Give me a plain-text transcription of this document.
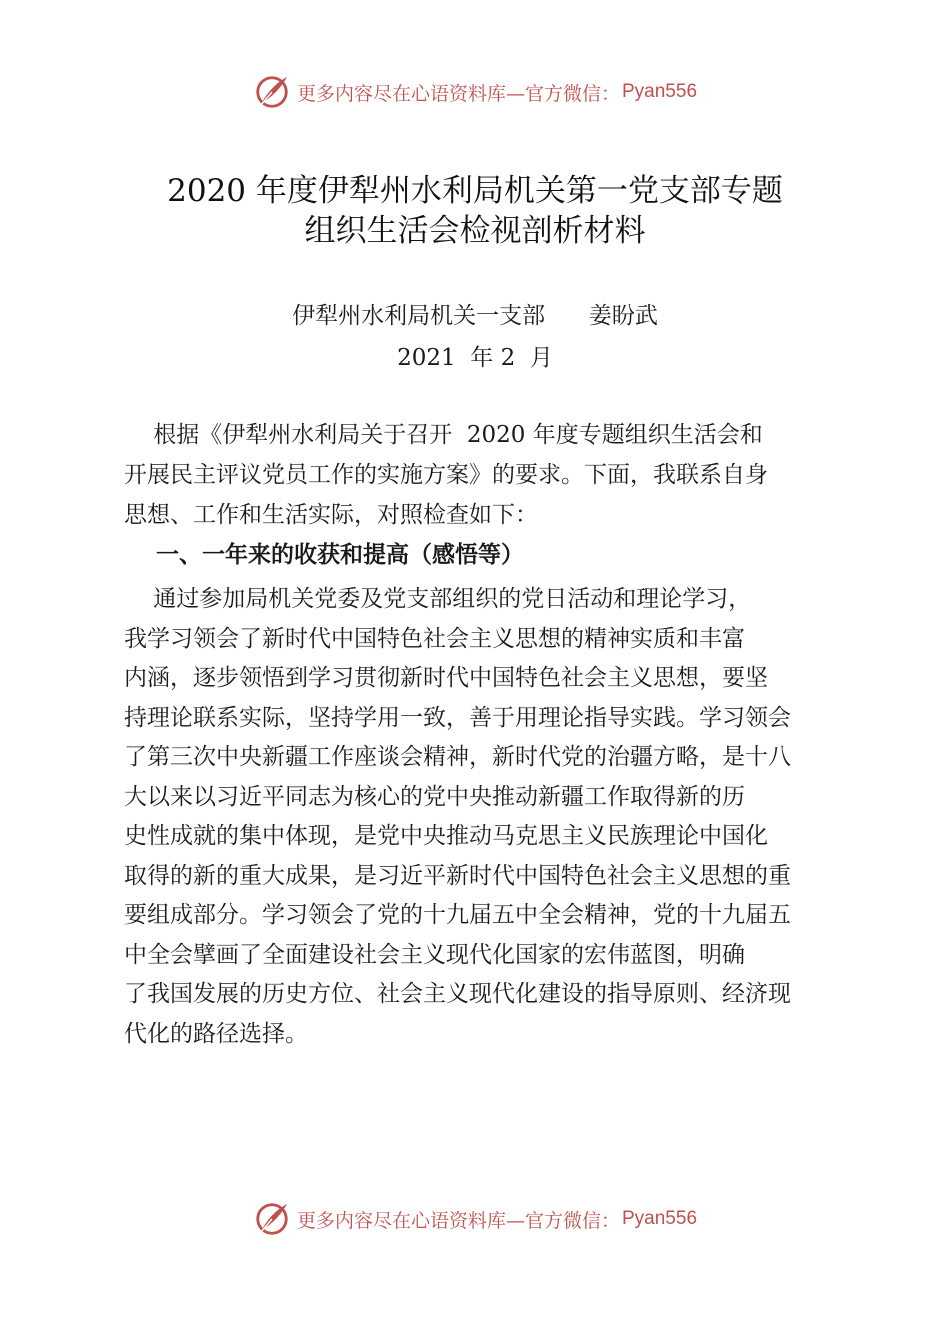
更多内容尽在心语资料库—官方微信： Pyan556
2020 年度伊犁州水利局机关第一党支部专题
组织生活会检视剖析材料
伊犁州水利局机关一支部      姜盼武
2021  年 2  月
根据《伊犁州水利局关于召开  2020 年度专题组织生活会和
开展民主评议党员工作的实施方案》的要求。下面，我联系自身
思想、工作和生活实际，对照检查如下：
一、一年来的收获和提高（感悟等）
通过参加局机关党委及党支部组织的党日活动和理论学习，
我学习领会了新时代中国特色社会主义思想的精神实质和丰富
内涵，逐步领悟到学习贯彻新时代中国特色社会主义思想，要坚
持理论联系实际，坚持学用一致，善于用理论指导实践。学习领会
了第三次中央新疆工作座谈会精神，新时代党的治疆方略，是十八
大以来以习近平同志为核心的党中央推动新疆工作取得新的历
史性成就的集中体现，是党中央推动马克思主义民族理论中国化
取得的新的重大成果，是习近平新时代中国特色社会主义思想的重
要组成部分。学习领会了党的十九届五中全会精神，党的十九届五
中全会擘画了全面建设社会主义现代化国家的宏伟蓝图，明确
了我国发展的历史方位、社会主义现代化建设的指导原则、经济现
代化的路径选择。
更多内容尽在心语资料库—官方微信： Pyan556
